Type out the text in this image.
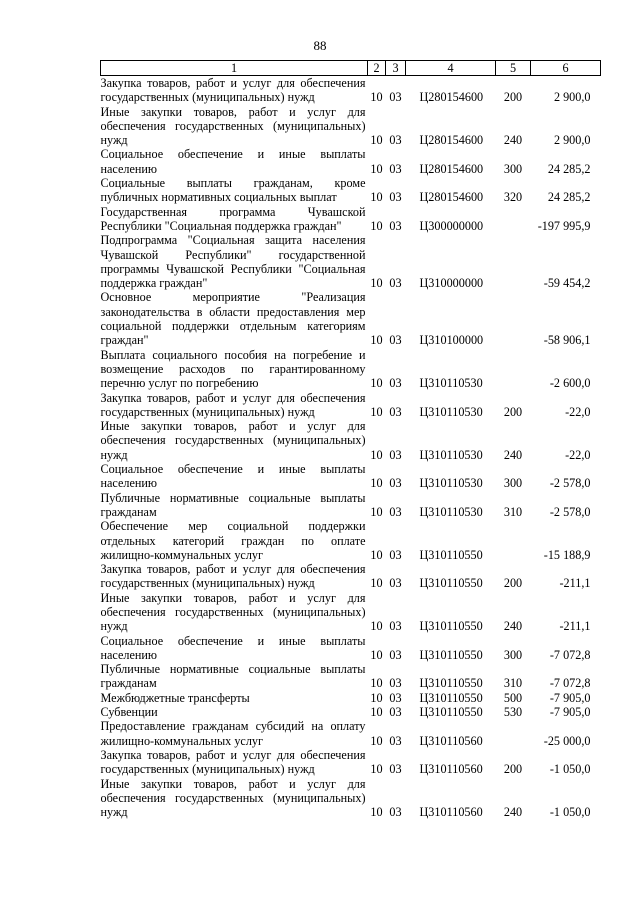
88
1	2	3	4	5	6
Закупка товаров, работ и услуг для обеспечения государственных (муниципальных) нужд	10	03	Ц280154600	200	2 900,0
Иные закупки товаров, работ и услуг для обеспечения государственных (муниципальных) нужд	10	03	Ц280154600	240	2 900,0
Социальное обеспечение и иные выплаты населению	10	03	Ц280154600	300	24 285,2
Социальные выплаты гражданам, кроме публичных нормативных социальных выплат	10	03	Ц280154600	320	24 285,2
Государственная программа Чувашской Республики "Социальная поддержка граждан"	10	03	Ц300000000		-197 995,9
Подпрограмма "Социальная защита населения Чувашской Республики" государственной программы Чувашской Республики "Социальная поддержка граждан"	10	03	Ц310000000		-59 454,2
Основное мероприятие "Реализация законодательства в области предоставления мер социальной поддержки отдельным категориям граждан"	10	03	Ц310100000		-58 906,1
Выплата социального пособия на погребение и возмещение расходов по гарантированному перечню услуг по погребению	10	03	Ц310110530		-2 600,0
Закупка товаров, работ и услуг для обеспечения государственных (муниципальных) нужд	10	03	Ц310110530	200	-22,0
Иные закупки товаров, работ и услуг для обеспечения государственных (муниципальных) нужд	10	03	Ц310110530	240	-22,0
Социальное обеспечение и иные выплаты населению	10	03	Ц310110530	300	-2 578,0
Публичные нормативные социальные выплаты гражданам	10	03	Ц310110530	310	-2 578,0
Обеспечение мер социальной поддержки отдельных категорий граждан по оплате жилищно-коммунальных услуг	10	03	Ц310110550		-15 188,9
Закупка товаров, работ и услуг для обеспечения государственных (муниципальных) нужд	10	03	Ц310110550	200	-211,1
Иные закупки товаров, работ и услуг для обеспечения государственных (муниципальных) нужд	10	03	Ц310110550	240	-211,1
Социальное обеспечение и иные выплаты населению	10	03	Ц310110550	300	-7 072,8
Публичные нормативные социальные выплаты гражданам	10	03	Ц310110550	310	-7 072,8
Межбюджетные трансферты	10	03	Ц310110550	500	-7 905,0
Субвенции	10	03	Ц310110550	530	-7 905,0
Предоставление гражданам субсидий на оплату жилищно-коммунальных услуг	10	03	Ц310110560		-25 000,0
Закупка товаров, работ и услуг для обеспечения государственных (муниципальных) нужд	10	03	Ц310110560	200	-1 050,0
Иные закупки товаров, работ и услуг для обеспечения государственных (муниципальных) нужд	10	03	Ц310110560	240	-1 050,0
